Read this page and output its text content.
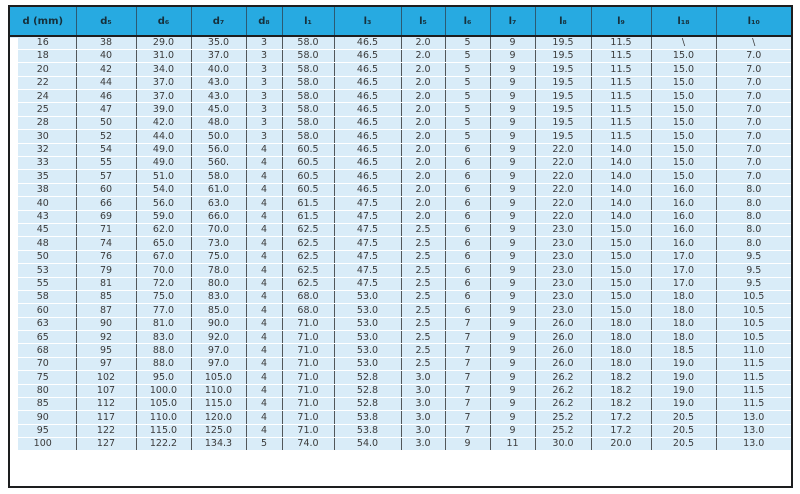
d (mm)	d₅	d₆	d₇	d₈	l₁	l₃	l₅	l₆	l₇	l₈	l₉	l₁₈	l₁₀
16	38	29.0	35.0	3	58.0	46.5	2.0	5	9	19.5	11.5	\	\
18	40	31.0	37.0	3	58.0	46.5	2.0	5	9	19.5	11.5	15.0	7.0
20	42	34.0	40.0	3	58.0	46.5	2.0	5	9	19.5	11.5	15.0	7.0
22	44	37.0	43.0	3	58.0	46.5	2.0	5	9	19.5	11.5	15.0	7.0
24	46	37.0	43.0	3	58.0	46.5	2.0	5	9	19.5	11.5	15.0	7.0
25	47	39.0	45.0	3	58.0	46.5	2.0	5	9	19.5	11.5	15.0	7.0
28	50	42.0	48.0	3	58.0	46.5	2.0	5	9	19.5	11.5	15.0	7.0
30	52	44.0	50.0	3	58.0	46.5	2.0	5	9	19.5	11.5	15.0	7.0
32	54	49.0	56.0	4	60.5	46.5	2.0	6	9	22.0	14.0	15.0	7.0
33	55	49.0	560.	4	60.5	46.5	2.0	6	9	22.0	14.0	15.0	7.0
35	57	51.0	58.0	4	60.5	46.5	2.0	6	9	22.0	14.0	15.0	7.0
38	60	54.0	61.0	4	60.5	46.5	2.0	6	9	22.0	14.0	16.0	8.0
40	66	56.0	63.0	4	61.5	47.5	2.0	6	9	22.0	14.0	16.0	8.0
43	69	59.0	66.0	4	61.5	47.5	2.0	6	9	22.0	14.0	16.0	8.0
45	71	62.0	70.0	4	62.5	47.5	2.5	6	9	23.0	15.0	16.0	8.0
48	74	65.0	73.0	4	62.5	47.5	2.5	6	9	23.0	15.0	16.0	8.0
50	76	67.0	75.0	4	62.5	47.5	2.5	6	9	23.0	15.0	17.0	9.5
53	79	70.0	78.0	4	62.5	47.5	2.5	6	9	23.0	15.0	17.0	9.5
55	81	72.0	80.0	4	62.5	47.5	2.5	6	9	23.0	15.0	17.0	9.5
58	85	75.0	83.0	4	68.0	53.0	2.5	6	9	23.0	15.0	18.0	10.5
60	87	77.0	85.0	4	68.0	53.0	2.5	6	9	23.0	15.0	18.0	10.5
63	90	81.0	90.0	4	71.0	53.0	2.5	7	9	26.0	18.0	18.0	10.5
65	92	83.0	92.0	4	71.0	53.0	2.5	7	9	26.0	18.0	18.0	10.5
68	95	88.0	97.0	4	71.0	53.0	2.5	7	9	26.0	18.0	18.5	11.0
70	97	88.0	97.0	4	71.0	53.0	2.5	7	9	26.0	18.0	19.0	11.5
75	102	95.0	105.0	4	71.0	52.8	3.0	7	9	26.2	18.2	19.0	11.5
80	107	100.0	110.0	4	71.0	52.8	3.0	7	9	26.2	18.2	19.0	11.5
85	112	105.0	115.0	4	71.0	52.8	3.0	7	9	26.2	18.2	19.0	11.5
90	117	110.0	120.0	4	71.0	53.8	3.0	7	9	25.2	17.2	20.5	13.0
95	122	115.0	125.0	4	71.0	53.8	3.0	7	9	25.2	17.2	20.5	13.0
100	127	122.2	134.3	5	74.0	54.0	3.0	9	11	30.0	20.0	20.5	13.0
